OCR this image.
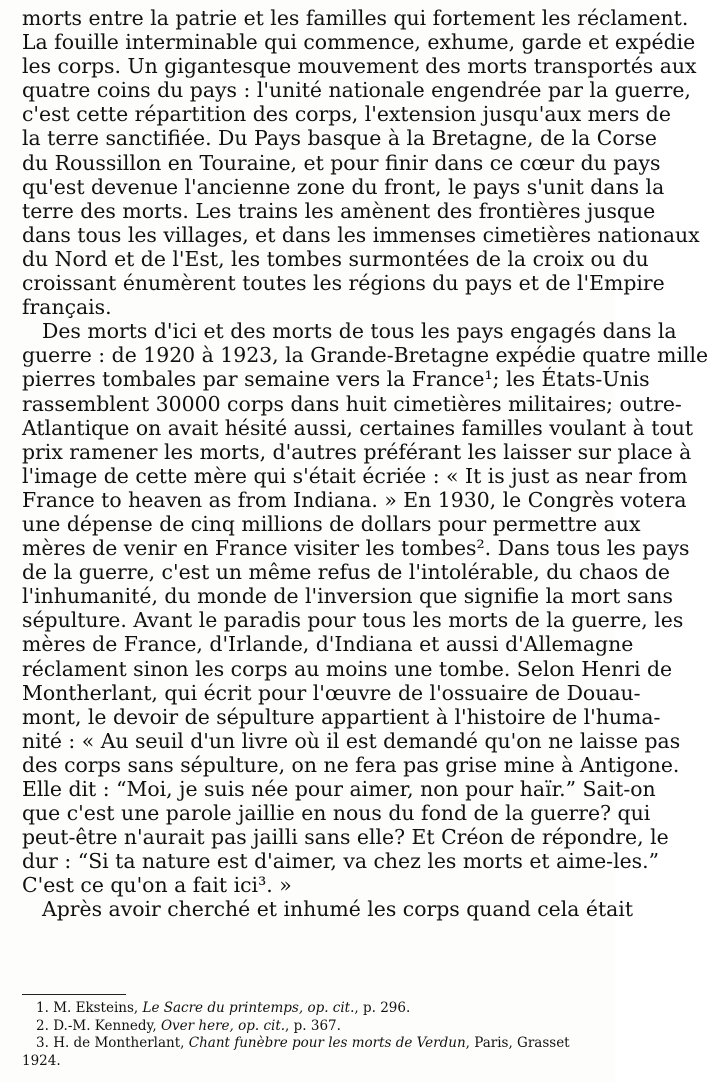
morts entre la patrie et les familles qui fortement les réclament.
La fouille interminable qui commence, exhume, garde et expédie
les corps. Un gigantesque mouvement des morts transportés aux
quatre coins du pays : l'unité nationale engendrée par la guerre,
c'est cette répartition des corps, l'extension jusqu'aux mers de
la terre sanctifiée. Du Pays basque à la Bretagne, de la Corse
du Roussillon en Touraine, et pour finir dans ce cœur du pays
qu'est devenue l'ancienne zone du front, le pays s'unit dans la
terre des morts. Les trains les amènent des frontières jusque
dans tous les villages, et dans les immenses cimetières nationaux
du Nord et de l'Est, les tombes surmontées de la croix ou du
croissant énumèrent toutes les régions du pays et de l'Empire
français.
Des morts d'ici et des morts de tous les pays engagés dans la
guerre : de 1920 à 1923, la Grande-Bretagne expédie quatre mille
pierres tombales par semaine vers la France¹; les États-Unis
rassemblent 30000 corps dans huit cimetières militaires; outre-
Atlantique on avait hésité aussi, certaines familles voulant à tout
prix ramener les morts, d'autres préférant les laisser sur place à
l'image de cette mère qui s'était écriée : « It is just as near from
France to heaven as from Indiana. » En 1930, le Congrès votera
une dépense de cinq millions de dollars pour permettre aux
mères de venir en France visiter les tombes². Dans tous les pays
de la guerre, c'est un même refus de l'intolérable, du chaos de
l'inhumanité, du monde de l'inversion que signifie la mort sans
sépulture. Avant le paradis pour tous les morts de la guerre, les
mères de France, d'Irlande, d'Indiana et aussi d'Allemagne
réclament sinon les corps au moins une tombe. Selon Henri de
Montherlant, qui écrit pour l'œuvre de l'ossuaire de Douau-
mont, le devoir de sépulture appartient à l'histoire de l'huma-
nité : « Au seuil d'un livre où il est demandé qu'on ne laisse pas
des corps sans sépulture, on ne fera pas grise mine à Antigone.
Elle dit : “Moi, je suis née pour aimer, non pour haïr.” Sait-on
que c'est une parole jaillie en nous du fond de la guerre? qui
peut-être n'aurait pas jailli sans elle? Et Créon de répondre, le
dur : “Si ta nature est d'aimer, va chez les morts et aime-les.”
C'est ce qu'on a fait ici³. »
Après avoir cherché et inhumé les corps quand cela était
1. M. Eksteins, Le Sacre du printemps, op. cit., p. 296.
2. D.-M. Kennedy, Over here, op. cit., p. 367.
3. H. de Montherlant, Chant funèbre pour les morts de Verdun, Paris, Grasset
1924.
